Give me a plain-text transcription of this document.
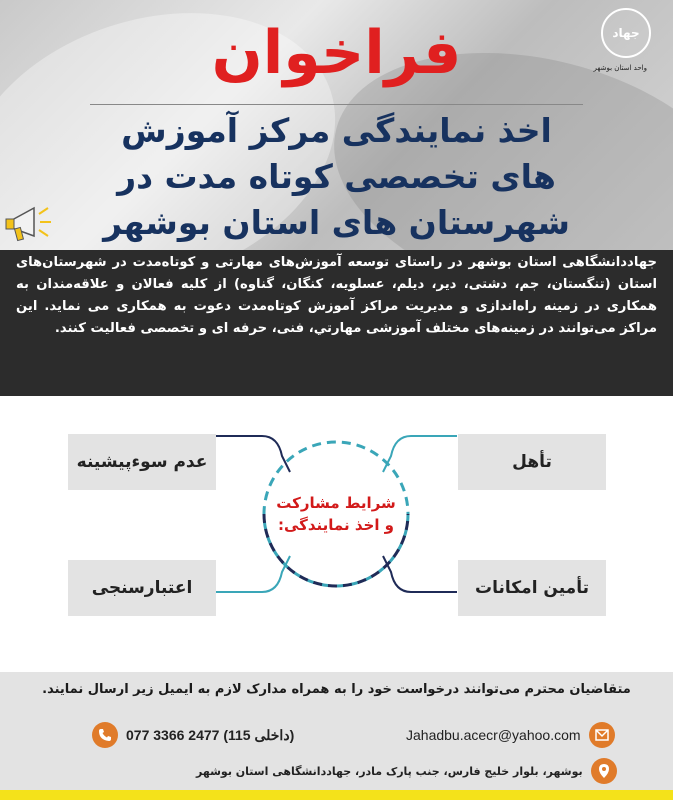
فراخوان
اخذ نمایندگی مرکز آموزش
های تخصصی کوتاه مدت در
شهرستان های استان بوشهر
جهاد
واحد استان بوشهر

جهاددانشگاهی استان بوشهر در راستای توسعه آموزش‌های مهارتی و کوتاه‌مدت در شهرستان‌های استان (تنگستان، جم، دشتی، دیر، دیلم، عسلویه، کنگان، گناوه) از کلیه فعالان و علاقه‌مندان به همکاری در زمینه راه‌اندازی و مدیریت مراکز آموزش کوتاه‌مدت دعوت به همکاری می نماید. این مراکز می‌توانند در زمینه‌های مختلف آموزشی مهارتي، فنی، حرفه ای و تخصصی فعالیت کنند.

عدم سوءپیشینه	تأهل
اعتبارسنجی	تأمین امکانات
شرایط مشارکت
و اخذ نمایندگی:
متقاضیان محترم می‌توانند درخواست خود را به همراه مدارک لازم به ایمیل زیر ارسال نمایند.
077 3366 2477 (داخلی 115)	Jahadbu.acecr@yahoo.com
بوشهر، بلوار خلیج فارس، جنب پارک مادر، جهاددانشگاهی استان بوشهر
